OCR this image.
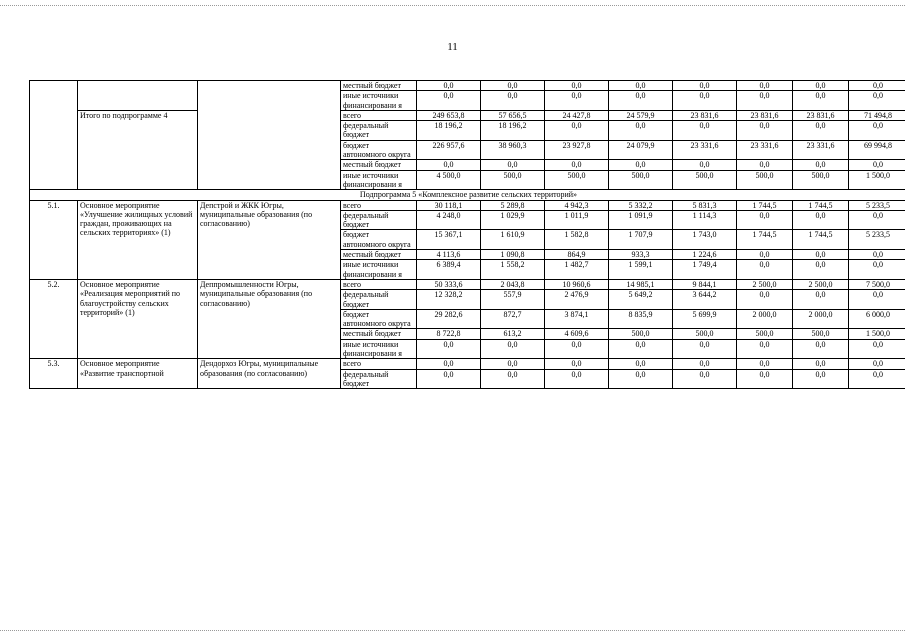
11
			местный бюджет	0,0	0,0	0,0	0,0	0,0	0,0	0,0	0,0
			иные источники финансировани я	0,0	0,0	0,0	0,0	0,0	0,0	0,0	0,0
	Итого по подпрограмме 4		всего	249 653,8	57 656,5	24 427,8	24 579,9	23 831,6	23 831,6	23 831,6	71 494,8
			федеральный бюджет	18 196,2	18 196,2	0,0	0,0	0,0	0,0	0,0	0,0
			бюджет автономного округа	226 957,6	38 960,3	23 927,8	24 079,9	23 331,6	23 331,6	23 331,6	69 994,8
			местный бюджет	0,0	0,0	0,0	0,0	0,0	0,0	0,0	0,0
			иные источники финансировани я	4 500,0	500,0	500,0	500,0	500,0	500,0	500,0	1 500,0
Подпрограмма 5 «Комплексное развитие сельских территорий»											
5.1.	Основное мероприятие «Улучшение жилищных условий граждан, проживающих на сельских территориях» (1)	Депстрой и ЖКК Югры, муниципальные образования (по согласованию)	всего	30 118,1	5 289,8	4 942,3	5 332,2	5 831,3	1 744,5	1 744,5	5 233,5
			федеральный бюджет	4 248,0	1 029,9	1 011,9	1 091,9	1 114,3	0,0	0,0	0,0
			бюджет автономного округа	15 367,1	1 610,9	1 582,8	1 707,9	1 743,0	1 744,5	1 744,5	5 233,5
			местный бюджет	4 113,6	1 090,8	864,9	933,3	1 224,6	0,0	0,0	0,0
			иные источники финансировани я	6 389,4	1 558,2	1 482,7	1 599,1	1 749,4	0,0	0,0	0,0
5.2.	Основное мероприятие «Реализация мероприятий по благоустройству сельских территорий» (1)	Деппромышленности Югры, муниципальные образования (по согласованию)	всего	50 333,6	2 043,8	10 960,6	14 985,1	9 844,1	2 500,0	2 500,0	7 500,0
			федеральный бюджет	12 328,2	557,9	2 476,9	5 649,2	3 644,2	0,0	0,0	0,0
			бюджет автономного округа	29 282,6	872,7	3 874,1	8 835,9	5 699,9	2 000,0	2 000,0	6 000,0
			местный бюджет	8 722,8	613,2	4 609,6	500,0	500,0	500,0	500,0	1 500,0
			иные источники финансировани я	0,0	0,0	0,0	0,0	0,0	0,0	0,0	0,0
5.3.	Основное мероприятие «Развитие транспортной	Дендорхоз Югры, муниципальные образования (по согласованию)	всего	0,0	0,0	0,0	0,0	0,0	0,0	0,0	0,0
			федеральный бюджет	0,0	0,0	0,0	0,0	0,0	0,0	0,0	0,0
